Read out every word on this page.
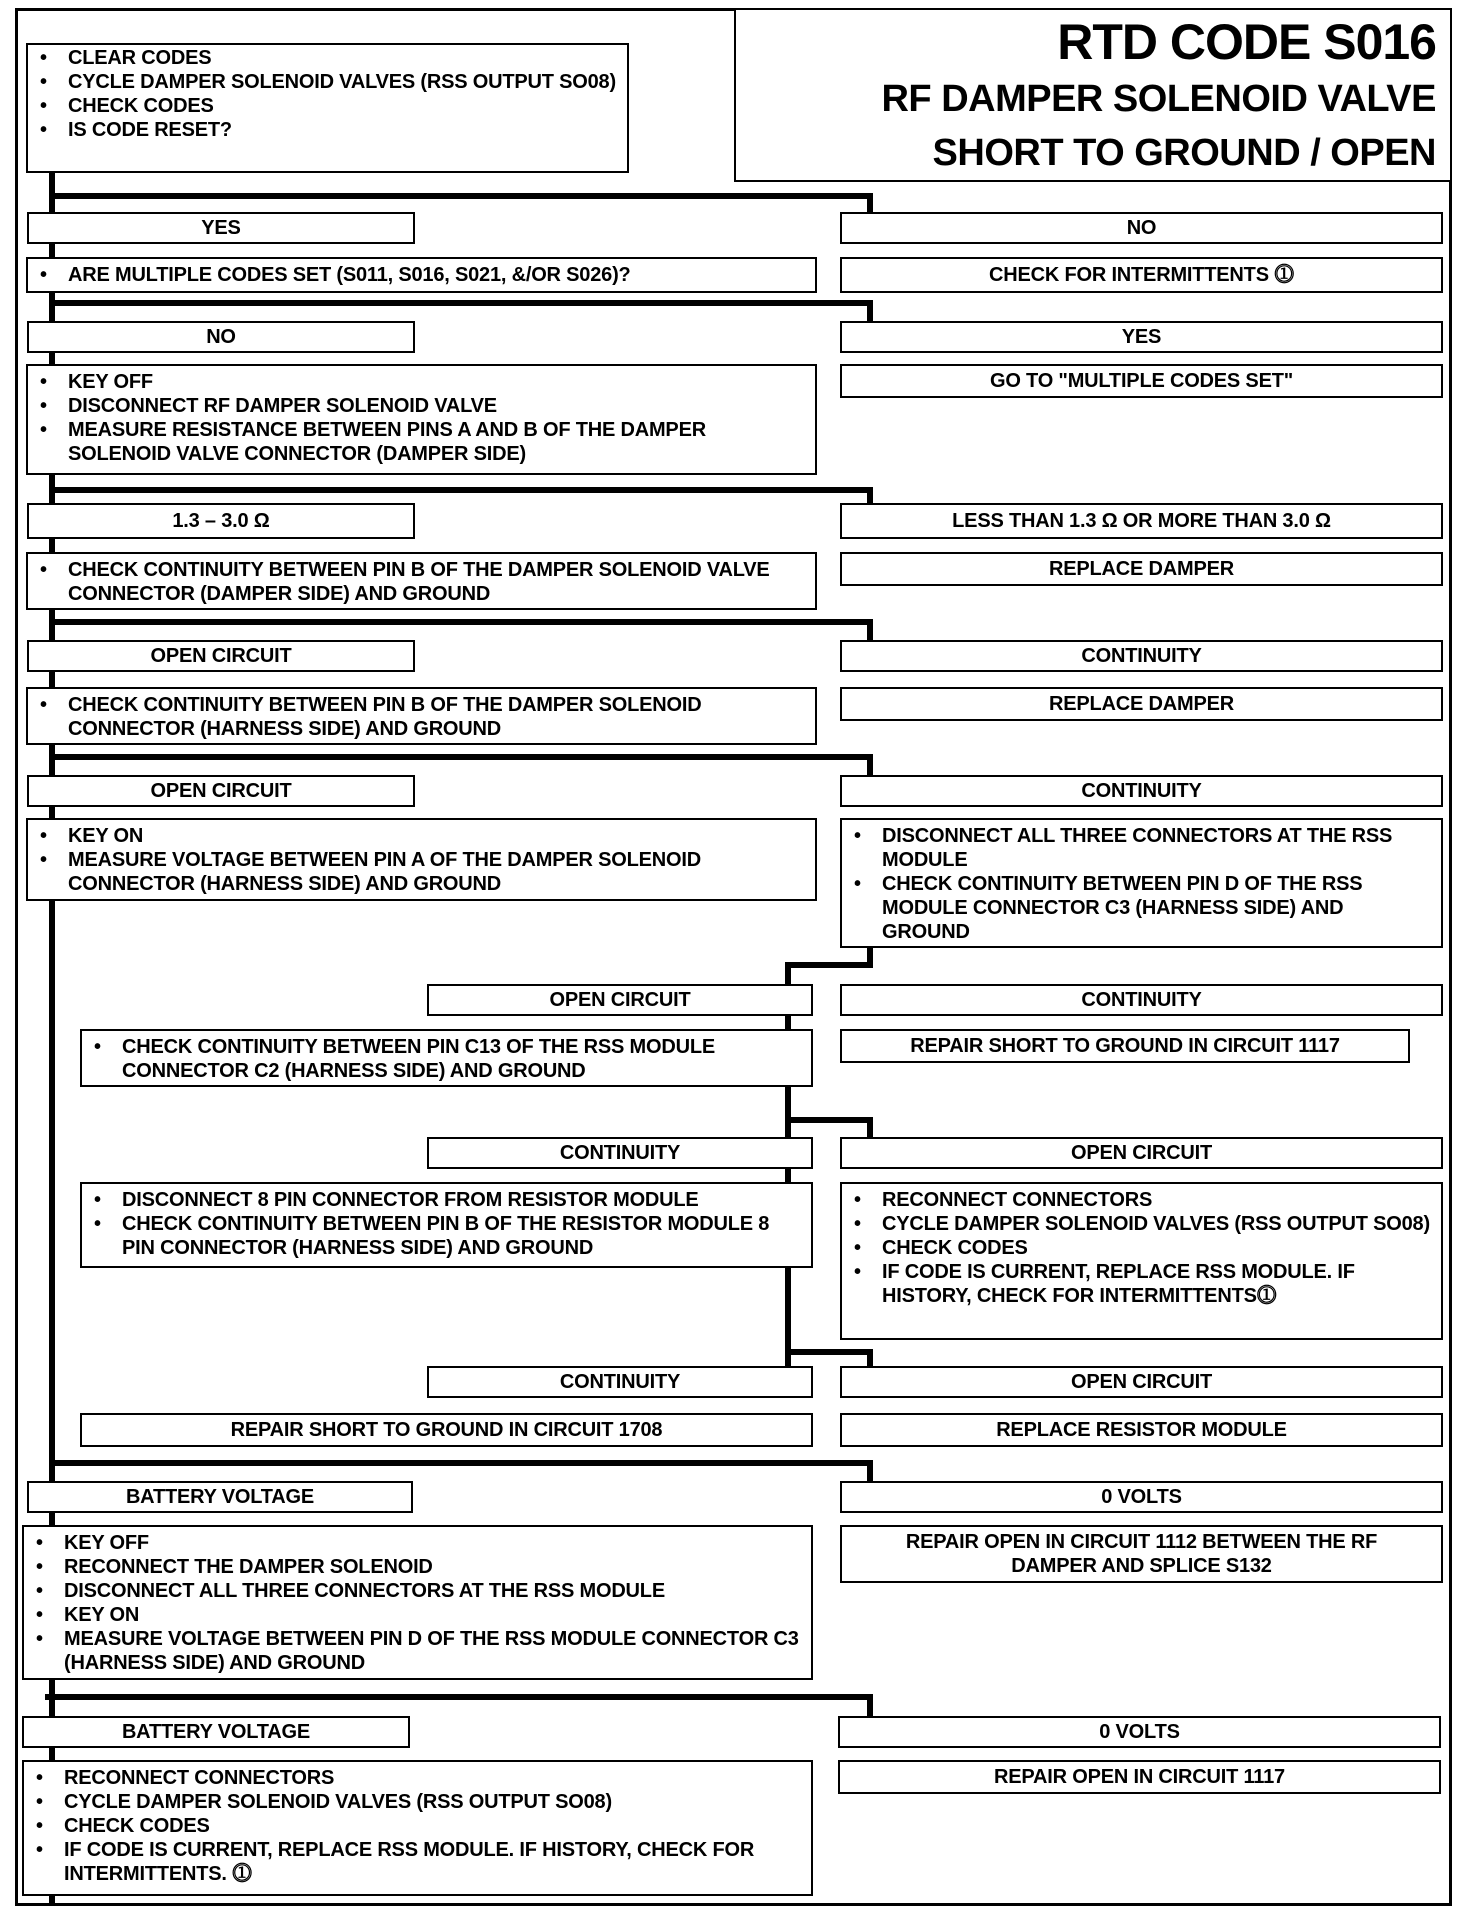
RTD CODE S016
RF DAMPER SOLENOID VALVE
SHORT TO GROUND / OPEN
• CLEAR CODES
• CYCLE DAMPER SOLENOID VALVES (RSS OUTPUT SO08)
• CHECK CODES
• IS CODE RESET?
YES	NO
• ARE MULTIPLE CODES SET (S011, S016, S021, &/OR S026)?	CHECK FOR INTERMITTENTS ⓵
NO	YES
• KEY OFF
• DISCONNECT RF DAMPER SOLENOID VALVE
• MEASURE RESISTANCE BETWEEN PINS A AND B OF THE DAMPER SOLENOID VALVE CONNECTOR (DAMPER SIDE)
GO TO "MULTIPLE CODES SET"
1.3 – 3.0 Ω	LESS THAN 1.3 Ω OR MORE THAN 3.0 Ω
• CHECK CONTINUITY BETWEEN PIN B OF THE DAMPER SOLENOID VALVE CONNECTOR (DAMPER SIDE) AND GROUND
REPLACE DAMPER
OPEN CIRCUIT	CONTINUITY
• CHECK CONTINUITY BETWEEN PIN B OF THE DAMPER SOLENOID CONNECTOR (HARNESS SIDE) AND GROUND
REPLACE DAMPER
OPEN CIRCUIT	CONTINUITY
• KEY ON
• MEASURE VOLTAGE BETWEEN PIN A OF THE DAMPER SOLENOID CONNECTOR (HARNESS SIDE) AND GROUND
• DISCONNECT ALL THREE CONNECTORS AT THE RSS MODULE
• CHECK CONTINUITY BETWEEN PIN D OF THE RSS MODULE CONNECTOR C3 (HARNESS SIDE) AND GROUND
OPEN CIRCUIT	CONTINUITY
• CHECK CONTINUITY BETWEEN PIN C13 OF THE RSS MODULE CONNECTOR C2 (HARNESS SIDE) AND GROUND
REPAIR SHORT TO GROUND IN CIRCUIT 1117
CONTINUITY	OPEN CIRCUIT
• DISCONNECT 8 PIN CONNECTOR FROM RESISTOR MODULE
• CHECK CONTINUITY BETWEEN PIN B OF THE RESISTOR MODULE 8 PIN CONNECTOR (HARNESS SIDE) AND GROUND
• RECONNECT CONNECTORS
• CYCLE DAMPER SOLENOID VALVES (RSS OUTPUT SO08)
• CHECK CODES
• IF CODE IS CURRENT, REPLACE RSS MODULE. IF HISTORY, CHECK FOR INTERMITTENTS⓵
CONTINUITY	OPEN CIRCUIT
REPAIR SHORT TO GROUND IN CIRCUIT 1708	REPLACE RESISTOR MODULE
BATTERY VOLTAGE	0 VOLTS
• KEY OFF
• RECONNECT THE DAMPER SOLENOID
• DISCONNECT ALL THREE CONNECTORS AT THE RSS MODULE
• KEY ON
• MEASURE VOLTAGE BETWEEN PIN D OF THE RSS MODULE CONNECTOR C3 (HARNESS SIDE) AND GROUND
REPAIR OPEN IN CIRCUIT 1112 BETWEEN THE RF DAMPER AND SPLICE S132
BATTERY VOLTAGE	0 VOLTS
• RECONNECT CONNECTORS
• CYCLE DAMPER SOLENOID VALVES (RSS OUTPUT SO08)
• CHECK CODES
• IF CODE IS CURRENT, REPLACE RSS MODULE. IF HISTORY, CHECK FOR INTERMITTENTS. ⓵
REPAIR OPEN IN CIRCUIT 1117
